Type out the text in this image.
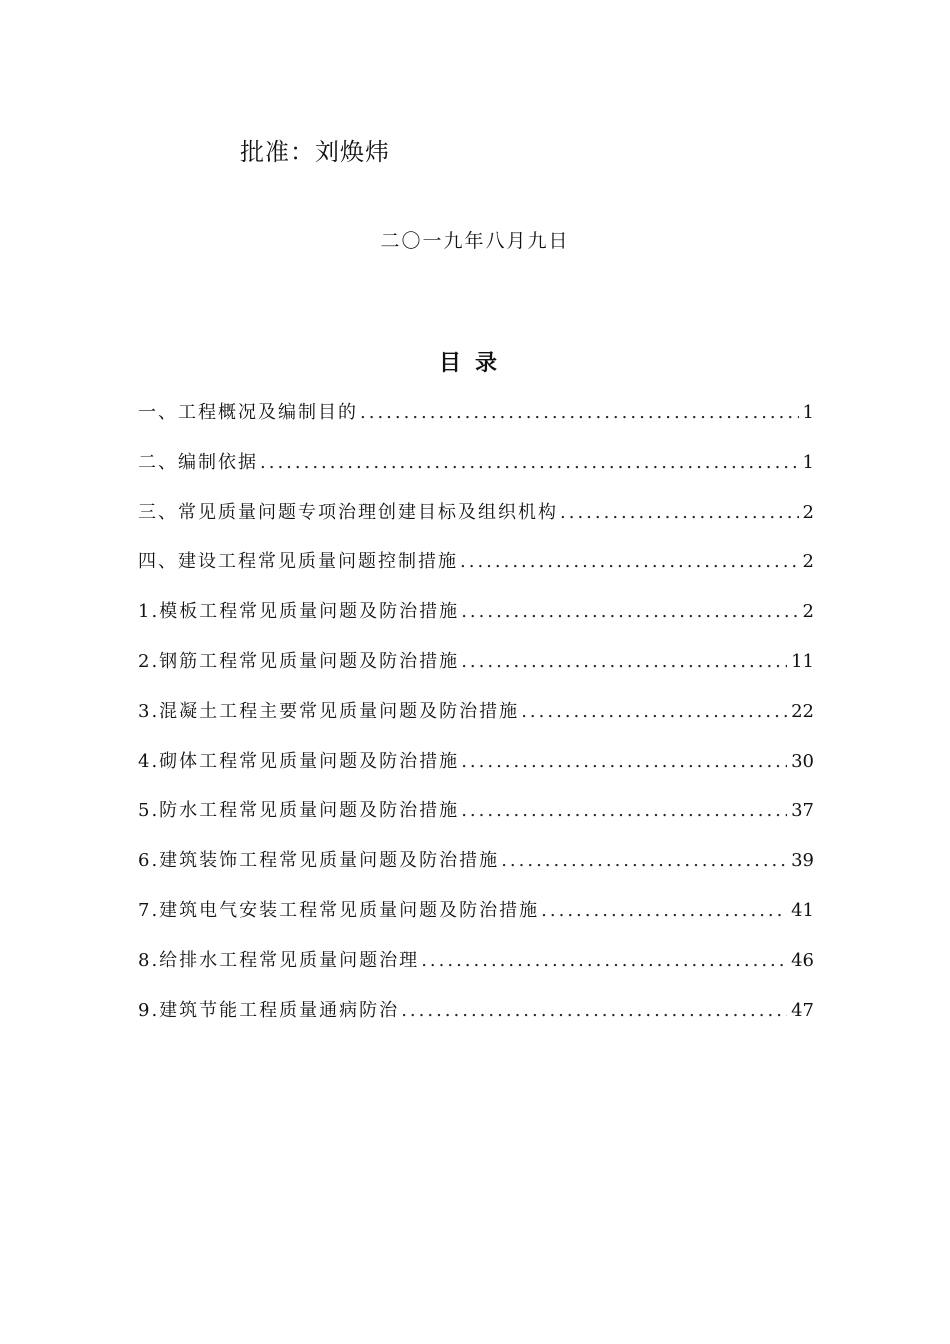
批准：刘焕炜
二〇一九年八月九日
目录
一、工程概况及编制目的 .....	1
二、编制依据 .....	1
三、常见质量问题专项治理创建目标及组织机构 .....	2
四、建设工程常见质量问题控制措施 .....	2
1.模板工程常见质量问题及防治措施 .....	2
2.钢筋工程常见质量问题及防治措施 .....	11
3.混凝土工程主要常见质量问题及防治措施 .....	22
4.砌体工程常见质量问题及防治措施 .....	30
5.防水工程常见质量问题及防治措施 .....	37
6.建筑装饰工程常见质量问题及防治措施 .....	39
7.建筑电气安装工程常见质量问题及防治措施 .....	41
8.给排水工程常见质量问题治理 .....	46
9.建筑节能工程质量通病防治 .....	47
